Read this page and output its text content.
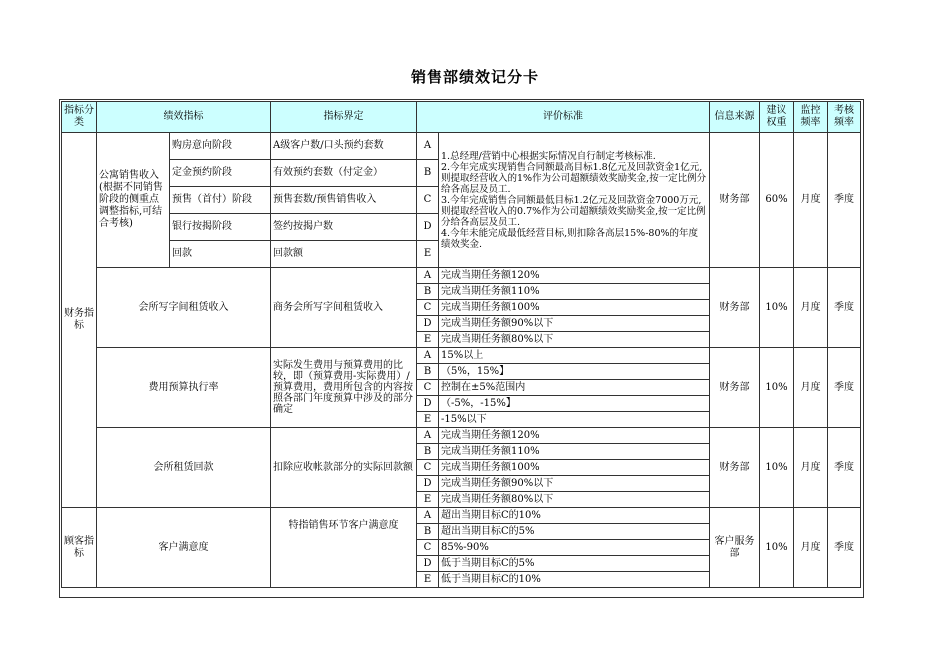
销售部绩效记分卡
指标分类	绩效指标		指标界定	评价标准		信息来源	建议权重	监控频率	考核频率
财务指标	公寓销售收入(根据不同销售阶段的侧重点调整指标,可结合考核)	购房意向阶段	A级客户数/口头预约套数	A	1.总经理/营销中心根据实际情况自行制定考核标准.

2.今年完成实现销售合同额最高目标1.8亿元及回款资金1亿元,则提取经营收入的1%作为公司超额绩效奖励奖金,按一定比例分给各高层及员工.

3.今年完成销售合同额最低目标1.2亿元及回款资金7000万元,则提取经营收入的0.7%作为公司超额绩效奖励奖金,按一定比例分给各高层及员工.

4.今年未能完成最低经营目标,则扣除各高层15%-80%的年度绩效奖金.	财务部	60%	月度	季度
		定金预约阶段	有效预约套数（付定金）	B					
		预售（首付）阶段	预售套数/预售销售收入	C					
		银行按揭阶段	签约按揭户数	D					
		回款	回款额	E					
	会所写字间租赁收入		商务会所写字间租赁收入	A	完成当期任务额120%	财务部	10%	月度	季度
				B	完成当期任务额110%				
				C	完成当期任务额100%				
				D	完成当期任务额90%以下				
				E	完成当期任务额80%以下				
	费用预算执行率		实际发生费用与预算费用的比较，即（预算费用-实际费用）/预算费用，费用所包含的内容按照各部门年度预算中涉及的部分确定	A	15%以上	财务部	10%	月度	季度
				B	（5%，15%】				
				C	控制在±5%范围内				
				D	（-5%，-15%】				
				E	-15%以下				
	会所租赁回款		扣除应收帐款部分的实际回款额	A	完成当期任务额120%	财务部	10%	月度	季度
				B	完成当期任务额110%				
				C	完成当期任务额100%				
				D	完成当期任务额90%以下				
				E	完成当期任务额80%以下				
顾客指标	客户满意度		特指销售环节客户满意度	A	超出当期目标C的10%	客户服务部	10%	月度	季度
				B	超出当期目标C的5%				
				C	85%-90%				
				D	低于当期目标C的5%				
				E	低于当期目标C的10%				
